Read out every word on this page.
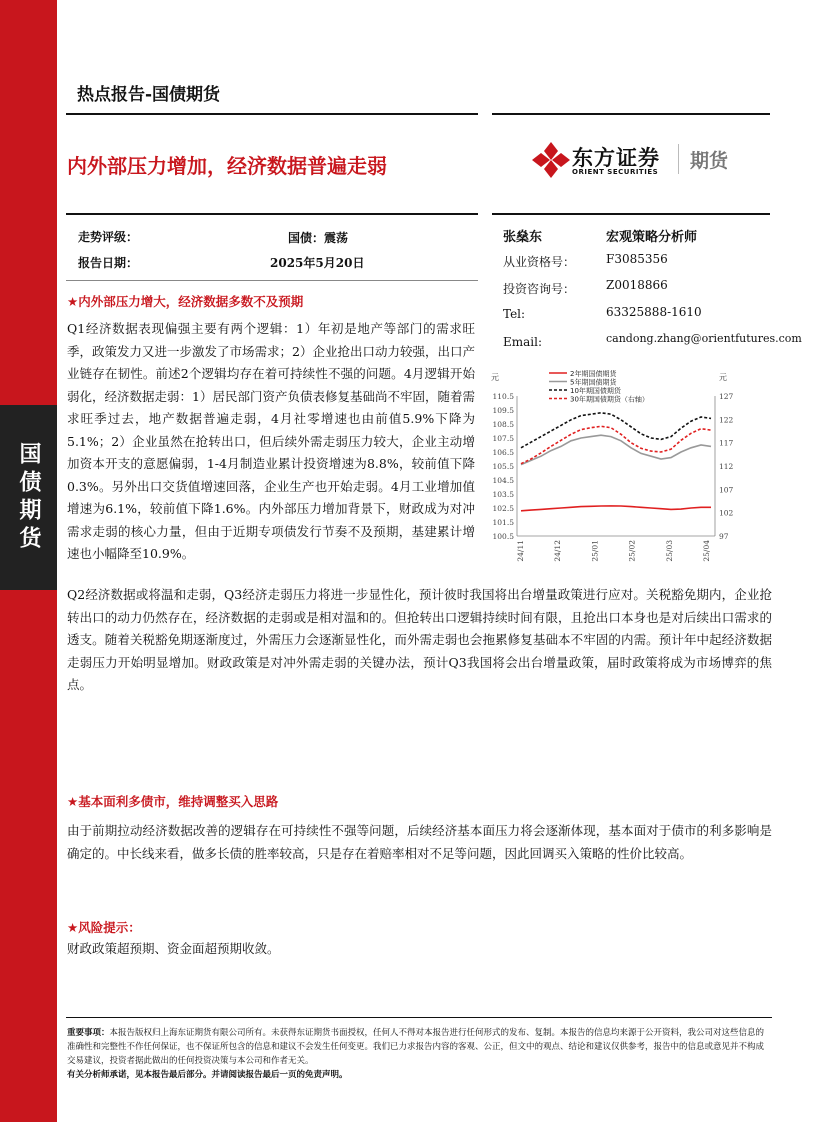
国债期货
热点报告-国债期货
内外部压力增加，经济数据普遍走弱	东方证券
ORIENT SECURITIES 期货
走势评级：	国债：震荡
报告日期：	2025年5月20日
张燊东	宏观策略分析师
从业资格号：	F3085356
投资咨询号：	Z0018866
Tel:	63325888-1610
Email:	candong.zhang@orientfutures.com
元	元
110.5
109.5
108.5
107.5
106.5
105.5
104.5
103.5
102.5
101.5
100.5
127
122
117
112
107
102
97
24/11	24/12	25/01	25/02	25/03	25/04
2年期国债期货
5年期国债期货
10年期国债期货
30年期国债期货（右轴）
★内外部压力增大，经济数据多数不及预期
Q1经济数据表现偏强主要有两个逻辑：1）年初是地产等部门的需求旺季，政策发力又进一步激发了市场需求；2）企业抢出口动力较强，出口产业链存在韧性。前述2个逻辑均存在着可持续性不强的问题。4月逻辑开始弱化，经济数据走弱：1）居民部门资产负债表修复基础尚不牢固，随着需求旺季过去，地产数据普遍走弱，4月社零增速也由前值5.9%下降为5.1%；2）企业虽然在抢转出口，但后续外需走弱压力较大，企业主动增加资本开支的意愿偏弱，1-4月制造业累计投资增速为8.8%，较前值下降0.3%。另外出口交货值增速回落，企业生产也开始走弱。4月工业增加值增速为6.1%，较前值下降1.6%。内外部压力增加背景下，财政成为对冲需求走弱的核心力量，但由于近期专项债发行节奏不及预期，基建累计增速也小幅降至10.9%。
Q2经济数据或将温和走弱，Q3经济走弱压力将进一步显性化，预计彼时我国将出台增量政策进行应对。关税豁免期内，企业抢转出口的动力仍然存在，经济数据的走弱或是相对温和的。但抢转出口逻辑持续时间有限，且抢出口本身也是对后续出口需求的透支。随着关税豁免期逐渐度过，外需压力会逐渐显性化，而外需走弱也会拖累修复基础本不牢固的内需。预计年中起经济数据走弱压力开始明显增加。财政政策是对冲外需走弱的关键办法，预计Q3我国将会出台增量政策，届时政策将成为市场博弈的焦点。
★基本面利多债市，维持调整买入思路
由于前期拉动经济数据改善的逻辑存在可持续性不强等问题，后续经济基本面压力将会逐渐体现，基本面对于债市的利多影响是确定的。中长线来看，做多长债的胜率较高，只是存在着赔率相对不足等问题，因此回调买入策略的性价比较高。
★风险提示：
财政政策超预期、资金面超预期收敛。
重要事项：本报告版权归上海东证期货有限公司所有。未获得东证期货书面授权，任何人不得对本报告进行任何形式的发布、复制。本报告的信息均来源于公开资料，我公司对这些信息的准确性和完整性不作任何保证，也不保证所包含的信息和建议不会发生任何变更。我们已力求报告内容的客观、公正，但文中的观点、结论和建议仅供参考，报告中的信息或意见并不构成交易建议，投资者据此做出的任何投资决策与本公司和作者无关。
有关分析师承诺，见本报告最后部分。并请阅读报告最后一页的免责声明。
